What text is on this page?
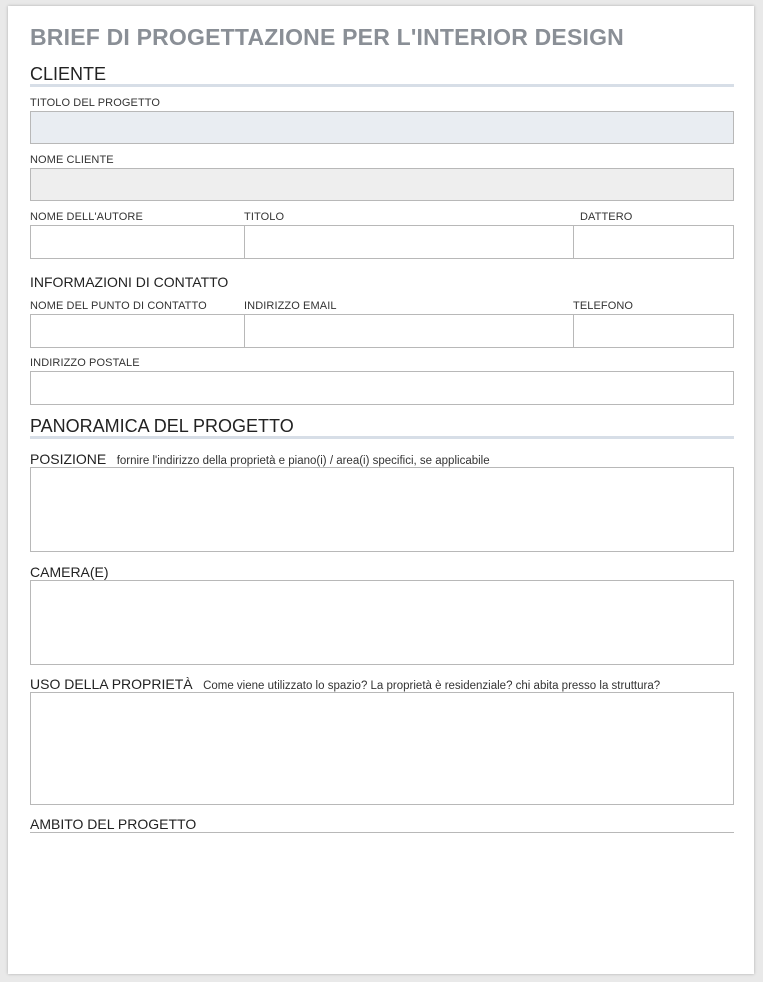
BRIEF DI PROGETTAZIONE PER L'INTERIOR DESIGN
CLIENTE
TITOLO DEL PROGETTO
NOME CLIENTE
NOME DELL'AUTORE	TITOLO	DATTERO
INFORMAZIONI DI CONTATTO
NOME DEL PUNTO DI CONTATTO	INDIRIZZO EMAIL	TELEFONO
INDIRIZZO POSTALE
PANORAMICA DEL PROGETTO
POSIZIONE fornire l'indirizzo della proprietà e piano(i) / area(i) specifici, se applicabile
CAMERA(E)
USO DELLA PROPRIETÀ Come viene utilizzato lo spazio? La proprietà è residenziale? chi abita presso la struttura?
AMBITO DEL PROGETTO
